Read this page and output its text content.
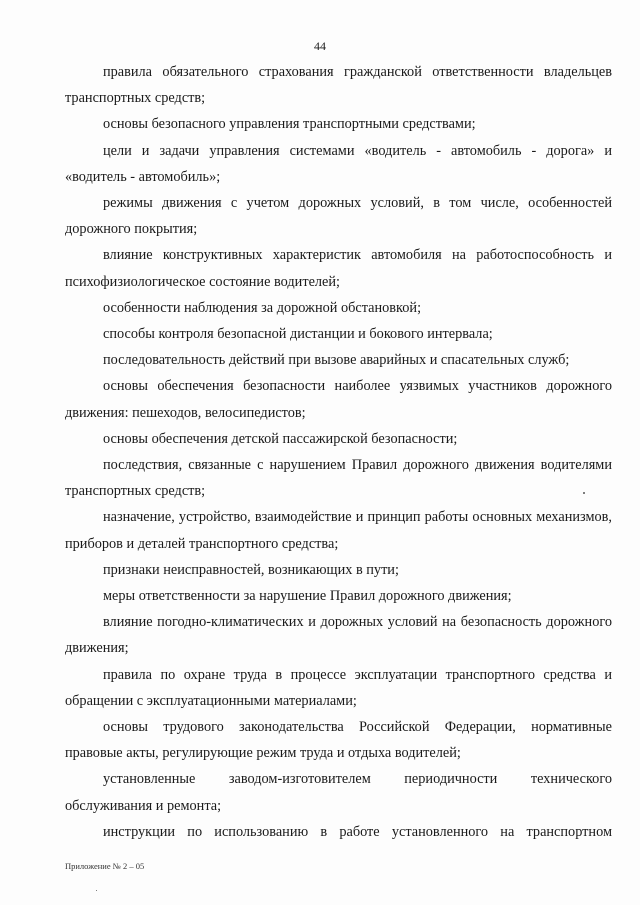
44

правила обязательного страхования гражданской ответственности владельцев транспортных средств;

основы безопасного управления транспортными средствами;

цели и задачи управления системами «водитель - автомобиль - дорога» и «водитель - автомобиль»;

режимы движения с учетом дорожных условий, в том числе, особенностей дорожного покрытия;

влияние конструктивных характеристик автомобиля на работоспособность и психофизиологическое состояние водителей;

особенности наблюдения за дорожной обстановкой;

способы контроля безопасной дистанции и бокового интервала;

последовательность действий при вызове аварийных и спасательных служб;

основы обеспечения безопасности наиболее уязвимых участников дорожного движения: пешеходов, велосипедистов;

основы обеспечения детской пассажирской безопасности;

последствия, связанные с нарушением Правил дорожного движения водителями транспортных средств;

назначение, устройство, взаимодействие и принцип работы основных механизмов, приборов и деталей транспортного средства;

признаки неисправностей, возникающих в пути;

меры ответственности за нарушение Правил дорожного движения;

влияние погодно-климатических и дорожных условий на безопасность дорожного движения;

правила по охране труда в процессе эксплуатации транспортного средства и обращении с эксплуатационными материалами;

основы трудового законодательства Российской Федерации, нормативные правовые акты, регулирующие режим труда и отдыха водителей;

установленные заводом-изготовителем периодичности технического обслуживания и ремонта;

инструкции по использованию в работе установленного на транспортном

Приложение № 2 – 05
